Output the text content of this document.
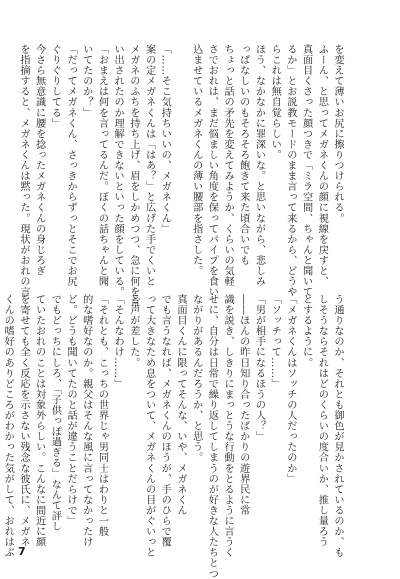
を変えて薄いお尻に擦りつけられる。
ふーん、と思ってメガネくんの顔に視線を戻すと、
真面目くさった顔つきで「ミラ空間、ちゃんと聞いて
るか」とお説教モードのまま言って来るから、どうや
らこれは無自覚らしい。
ほう、なかなかに罪深いな。と思いながら、悲しみ
っぱなしいのもそろそろ飽きて来た頃合いでも
ちょっと話の矛先を変えてみようか、くらいの気軽
さでおれは、まだ悩ましい角度を保ってパイプを食い
込ませているメガネくんの薄い腰部を指さした。

「……そこ気持ちいいの、メガネくん」
案の定メガネくんは「はあ？」と広げた手でくいと
メガネのふちを持ち上げ、眉をしかめつつ、急に何を言
い出されたのか理解できないといった顔をしている。
「おまえは何を言ってるんだ。ぼくの話ちゃんと聞
いてたのか？」
「だってメガネくん、さっきからずっとそこでお尻
ぐりぐりしてる」
今さら無意識に腰を捻ったメガネくんの身じろぎ
を指摘すると、メガネくんは黙った。現状がおれの言
う通りなのか、それとも御色が見かされているのか、も
しそうならそれはどのくらいの度合いか、推し量ろう
とするように。
「メガネくんはソッチの人だったのか」
「ソッチって……」
「男が相手になるほうの人？」
――ほんの昨日知り合ったばかりの遊界民に常
識を説き、しきりにまっとうな行動をとるように言うく
せに、自分は日常で繰り返してしまうのが好きな人たちとつ
ながりがあるんだろうか、と思う。
真面目くんに限ってそんな、いや、メガネくん
でも言うなれば、メガネくんのほうが、手のひらで覆
って大きなため息をついて、メガネくんの目がぐいっと
と声が差した。
「そんなわけ……」
「それとも、こっちの世界じゃ男同士はわりと一般
的な嗜好なのか。親父はそんな風に言ってなかったけ
ど。どうも聞いてたのと話が違うことだらけで」
でもどっちにしろ、「子供っぽ過ぎる」なんて評し
ていたおれのことは対象外らしい。こんなに間近に顔
を寄せても全く反応を示さない残念な彼氏に、メガネ
くんの嗜好のありどころがわかった気がして、おれはぶ 7
